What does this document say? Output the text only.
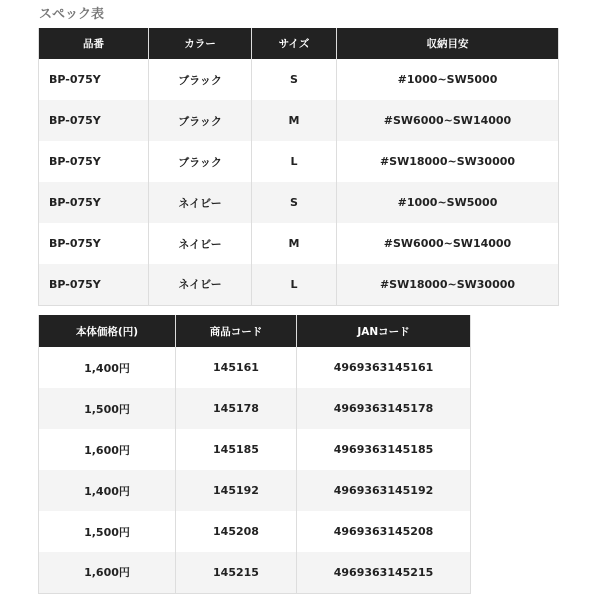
スペック表
品番	カラー	サイズ	収納目安
BP-075Y	ブラック	S	#1000~SW5000
BP-075Y	ブラック	M	#SW6000~SW14000
BP-075Y	ブラック	L	#SW18000~SW30000
BP-075Y	ネイビー	S	#1000~SW5000
BP-075Y	ネイビー	M	#SW6000~SW14000
BP-075Y	ネイビー	L	#SW18000~SW30000
本体価格(円)	商品コード	JANコード
1,400円	145161	4969363145161
1,500円	145178	4969363145178
1,600円	145185	4969363145185
1,400円	145192	4969363145192
1,500円	145208	4969363145208
1,600円	145215	4969363145215
